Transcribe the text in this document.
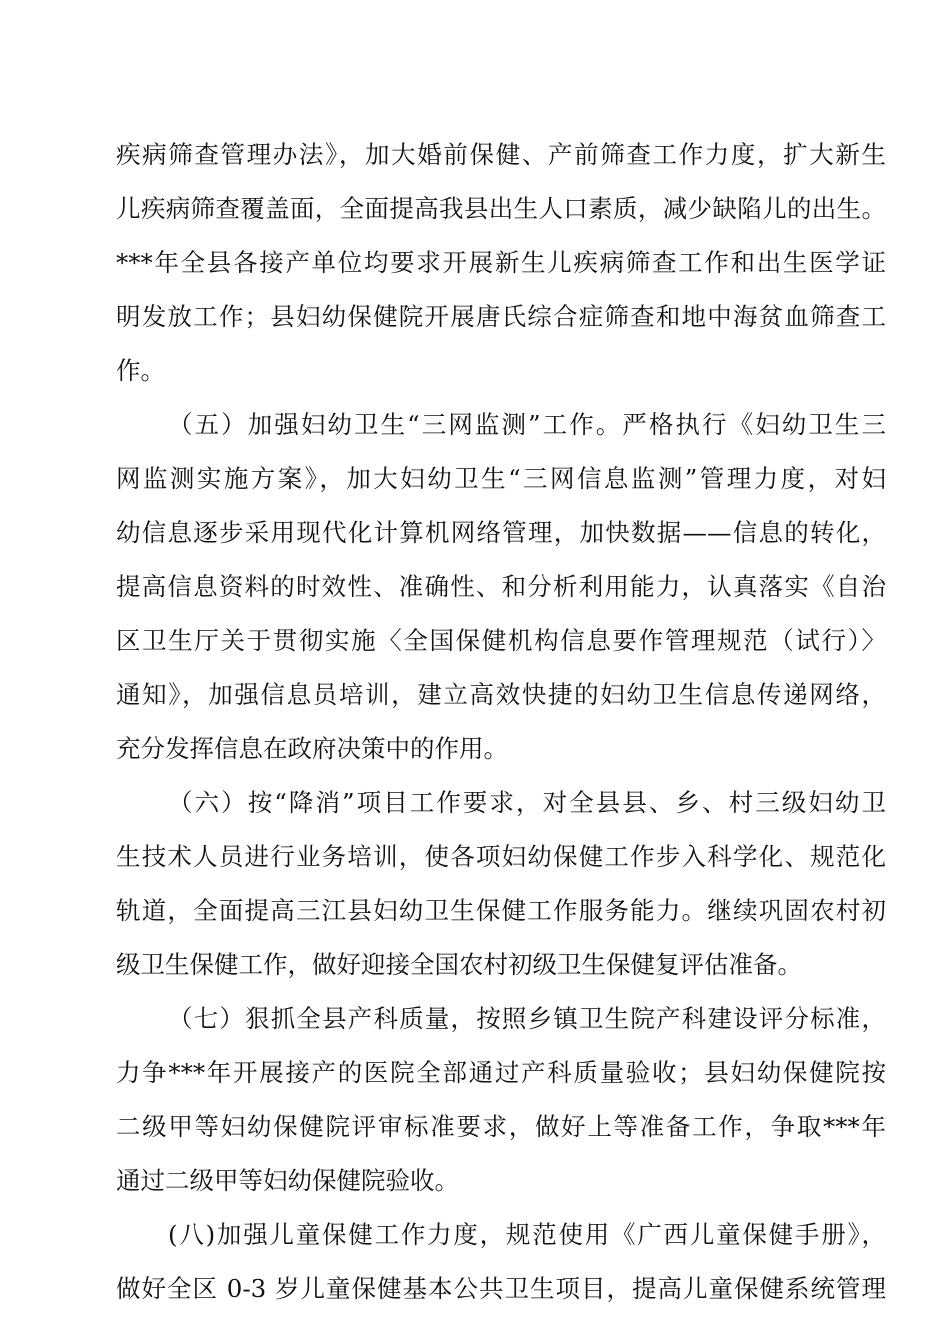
疾病筛查管理办法》，加大婚前保健、产前筛查工作力度，扩大新生
儿疾病筛查覆盖面，全面提高我县出生人口素质，减少缺陷儿的出生。
***年全县各接产单位均要求开展新生儿疾病筛查工作和出生医学证
明发放工作；县妇幼保健院开展唐氏综合症筛查和地中海贫血筛查工
作。
（五）加强妇幼卫生“三网监测”工作。严格执行《妇幼卫生三
网监测实施方案》，加大妇幼卫生“三网信息监测”管理力度，对妇
幼信息逐步采用现代化计算机网络管理，加快数据——信息的转化，
提高信息资料的时效性、准确性、和分析利用能力，认真落实《自治
区卫生厅关于贯彻实施〈全国保健机构信息要作管理规范（试行）〉
通知》，加强信息员培训，建立高效快捷的妇幼卫生信息传递网络，
充分发挥信息在政府决策中的作用。
（六）按“降消”项目工作要求，对全县县、乡、村三级妇幼卫
生技术人员进行业务培训，使各项妇幼保健工作步入科学化、规范化
轨道，全面提高三江县妇幼卫生保健工作服务能力。继续巩固农村初
级卫生保健工作，做好迎接全国农村初级卫生保健复评估准备。
（七）狠抓全县产科质量，按照乡镇卫生院产科建设评分标准，
力争***年开展接产的医院全部通过产科质量验收；县妇幼保健院按
二级甲等妇幼保健院评审标准要求，做好上等准备工作，争取***年
通过二级甲等妇幼保健院验收。
(八)加强儿童保健工作力度，规范使用《广西儿童保健手册》，
做好全区 0-3 岁儿童保健基本公共卫生项目，提高儿童保健系统管理
